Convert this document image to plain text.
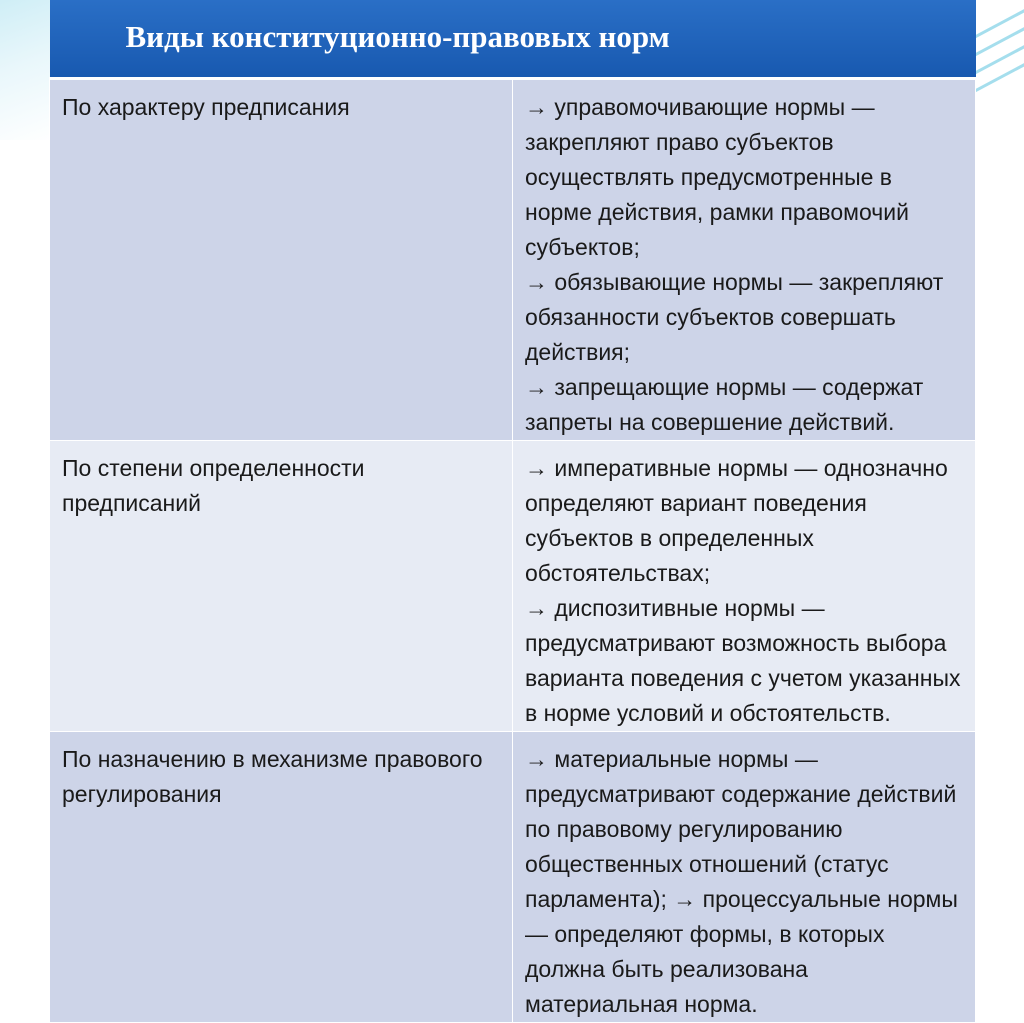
Виды конституционно-правовых норм	

По характеру предписания	→ управомочивающие нормы — закрепляют право субъектов осуществлять предусмотренные в норме действия, рамки правомочий субъектов;
→ обязывающие нормы — закрепляют обязанности субъектов совершать действия;
→ запрещающие нормы — содержат запреты на совершение действий.

По степени определенности предписаний	→ императивные нормы — однозначно определяют вариант поведения субъектов в определенных обстоятельствах;
→ диспозитивные нормы — предусматривают возможность выбора варианта поведения с учетом указанных в норме условий и обстоятельств.

По назначению в механизме правового регулирования	→ материальные нормы — предусматривают содержание действий по правовому регулированию общественных отношений (статус парламента); → процессуальные нормы — определяют формы, в которых должна быть реализована материальная норма.
